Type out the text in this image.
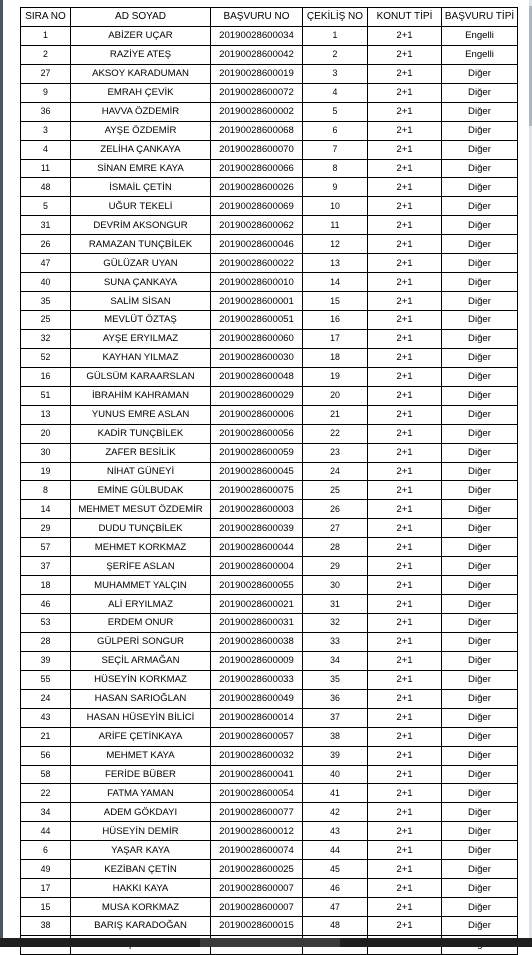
SIRA NO	AD SOYAD	BAŞVURU NO	ÇEKİLİŞ NO	KONUT TİPİ	BAŞVURU TİPİ
1	ABİZER UÇAR	20190028600034	1	2+1	Engelli
2	RAZİYE ATEŞ	20190028600042	2	2+1	Engelli
27	AKSOY KARADUMAN	20190028600019	3	2+1	Diğer
9	EMRAH ÇEVİK	20190028600072	4	2+1	Diğer
36	HAVVA ÖZDEMİR	20190028600002	5	2+1	Diğer
3	AYŞE ÖZDEMİR	20190028600068	6	2+1	Diğer
4	ZELİHA ÇANKAYA	20190028600070	7	2+1	Diğer
11	SİNAN EMRE KAYA	20190028600066	8	2+1	Diğer
48	İSMAİL ÇETİN	20190028600026	9	2+1	Diğer
5	UĞUR TEKELİ	20190028600069	10	2+1	Diğer
31	DEVRİM AKSONGUR	20190028600062	11	2+1	Diğer
26	RAMAZAN TUNÇBİLEK	20190028600046	12	2+1	Diğer
47	GÜLÜZAR UYAN	20190028600022	13	2+1	Diğer
40	SUNA ÇANKAYA	20190028600010	14	2+1	Diğer
35	SALİM SİSAN	20190028600001	15	2+1	Diğer
25	MEVLÜT ÖZTAŞ	20190028600051	16	2+1	Diğer
32	AYŞE ERYILMAZ	20190028600060	17	2+1	Diğer
52	KAYHAN YILMAZ	20190028600030	18	2+1	Diğer
16	GÜLSÜM KARAARSLAN	20190028600048	19	2+1	Diğer
51	İBRAHİM KAHRAMAN	20190028600029	20	2+1	Diğer
13	YUNUS EMRE ASLAN	20190028600006	21	2+1	Diğer
20	KADİR TUNÇBİLEK	20190028600056	22	2+1	Diğer
30	ZAFER BESİLİK	20190028600059	23	2+1	Diğer
19	NİHAT GÜNEYİ	20190028600045	24	2+1	Diğer
8	EMİNE GÜLBUDAK	20190028600075	25	2+1	Diğer
14	MEHMET MESUT ÖZDEMİR	20190028600003	26	2+1	Diğer
29	DUDU TUNÇBİLEK	20190028600039	27	2+1	Diğer
57	MEHMET KORKMAZ	20190028600044	28	2+1	Diğer
37	ŞERİFE ASLAN	20190028600004	29	2+1	Diğer
18	MUHAMMET YALÇIN	20190028600055	30	2+1	Diğer
46	ALİ ERYILMAZ	20190028600021	31	2+1	Diğer
53	ERDEM ONUR	20190028600031	32	2+1	Diğer
28	GÜLPERİ SONGUR	20190028600038	33	2+1	Diğer
39	SEÇİL ARMAĞAN	20190028600009	34	2+1	Diğer
55	HÜSEYİN KORKMAZ	20190028600033	35	2+1	Diğer
24	HASAN SARIOĞLAN	20190028600049	36	2+1	Diğer
43	HASAN HÜSEYİN BİLİCİ	20190028600014	37	2+1	Diğer
21	ARİFE ÇETİNKAYA	20190028600057	38	2+1	Diğer
56	MEHMET KAYA	20190028600032	39	2+1	Diğer
58	FERİDE BÜBER	20190028600041	40	2+1	Diğer
22	FATMA YAMAN	20190028600054	41	2+1	Diğer
34	ADEM GÖKDAYI	20190028600077	42	2+1	Diğer
44	HÜSEYİN DEMİR	20190028600012	43	2+1	Diğer
6	YAŞAR KAYA	20190028600074	44	2+1	Diğer
49	KEZİBAN ÇETİN	20190028600025	45	2+1	Diğer
17	HAKKI KAYA	20190028600007	46	2+1	Diğer
15	MUSA KORKMAZ	20190028600007	47	2+1	Diğer
38	BARIŞ KARADOĞAN	20190028600015	48	2+1	Diğer
